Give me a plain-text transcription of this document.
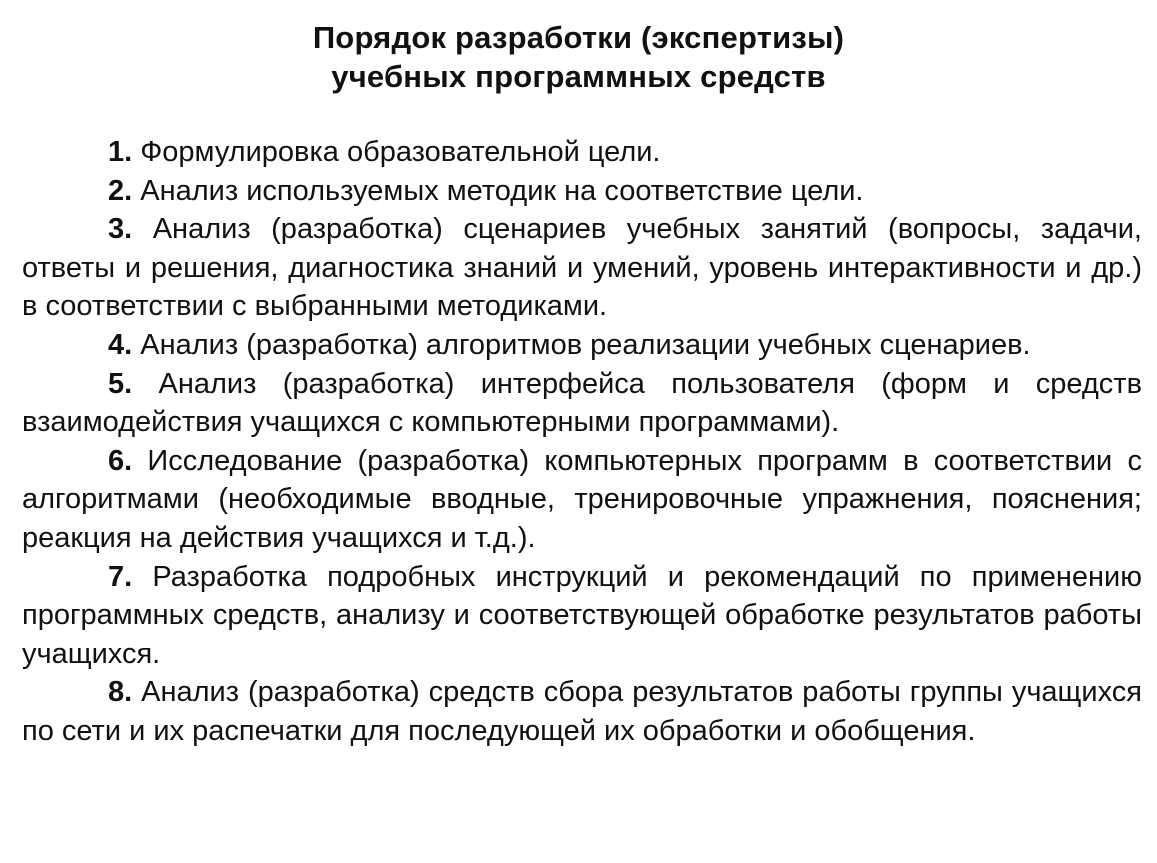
Порядок разработки (экспертизы)
учебных программных средств

1. Формулировка образовательной цели.

2. Анализ используемых методик на соответствие цели.

3. Анализ (разработка) сценариев учебных занятий (вопросы, задачи, ответы и решения, диагностика знаний и умений, уровень интерактивности и др.) в соответствии с выбранными методиками.

4. Анализ (разработка) алгоритмов реализации учебных сценариев.

5. Анализ (разработка) интерфейса пользователя (форм и средств взаимодействия учащихся с компьютерными программами).

6. Исследование (разработка) компьютерных программ в соответствии с алгоритмами (необходимые вводные, тренировочные упражнения, пояснения; реакция на действия учащихся и т.д.).

7. Разработка подробных инструкций и рекомендаций по применению программных средств, анализу и соответствующей обработке результатов работы учащихся.

8. Анализ (разработка) средств сбора результатов работы группы учащихся по сети и их распечатки для последующей их обработки и обобщения.
